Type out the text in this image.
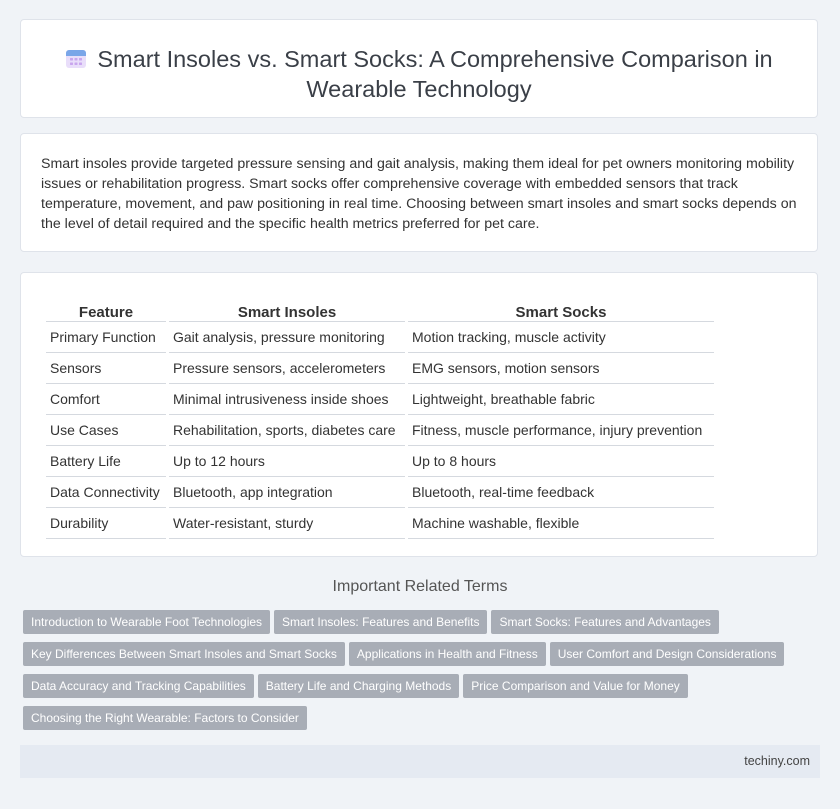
Smart Insoles vs. Smart Socks: A Comprehensive Comparison in Wearable Technology
Smart insoles provide targeted pressure sensing and gait analysis, making them ideal for pet owners monitoring mobility issues or rehabilitation progress. Smart socks offer comprehensive coverage with embedded sensors that track temperature, movement, and paw positioning in real time. Choosing between smart insoles and smart socks depends on the level of detail required and the specific health metrics preferred for pet care.
Feature	Smart Insoles	Smart Socks
Primary Function	Gait analysis, pressure monitoring	Motion tracking, muscle activity
Sensors	Pressure sensors, accelerometers	EMG sensors, motion sensors
Comfort	Minimal intrusiveness inside shoes	Lightweight, breathable fabric
Use Cases	Rehabilitation, sports, diabetes care	Fitness, muscle performance, injury prevention
Battery Life	Up to 12 hours	Up to 8 hours
Data Connectivity	Bluetooth, app integration	Bluetooth, real-time feedback
Durability	Water-resistant, sturdy	Machine washable, flexible
Important Related Terms
Introduction to Wearable Foot Technologies Smart Insoles: Features and Benefits Smart Socks: Features and AdvantagesKey Differences Between Smart Insoles and Smart Socks Applications in Health and Fitness User Comfort and Design ConsiderationsData Accuracy and Tracking Capabilities Battery Life and Charging Methods Price Comparison and Value for MoneyChoosing the Right Wearable: Factors to Consider
techiny.com
